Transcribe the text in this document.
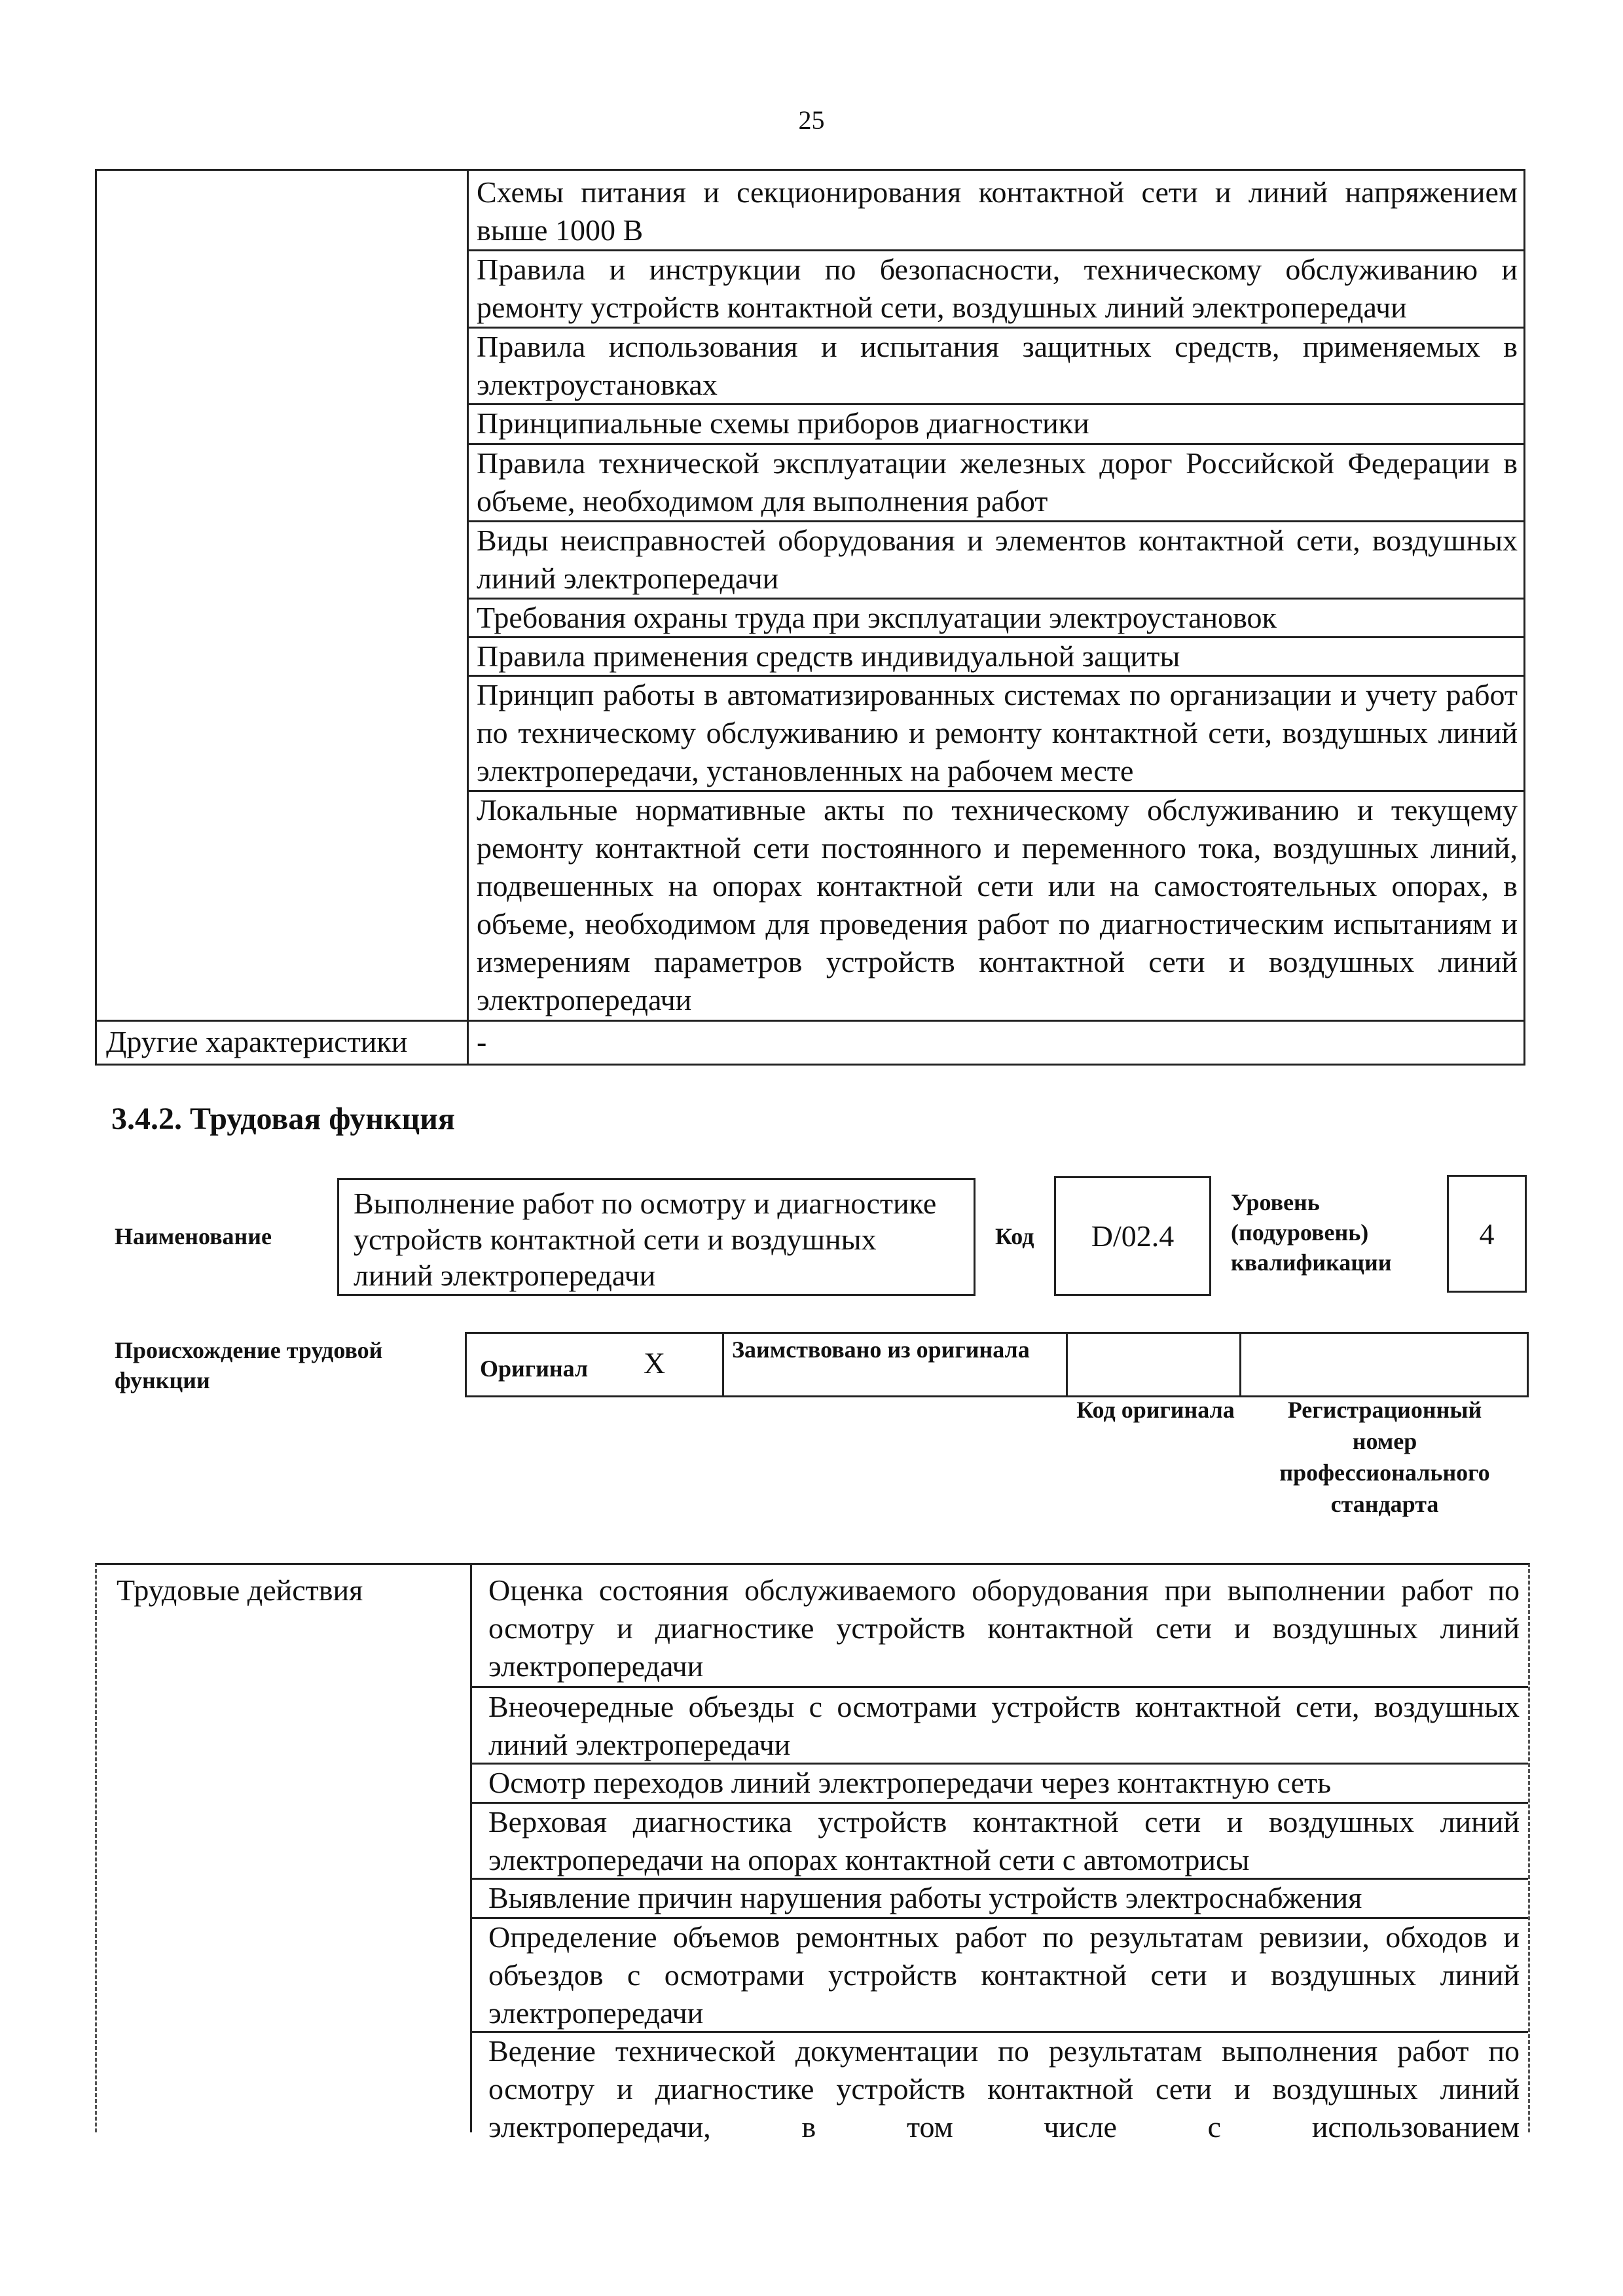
25
Схемы питания и секционирования контактной сети и линий напряжением выше 1000 В
Правила и инструкции по безопасности, техническому обслуживанию и ремонту устройств контактной сети, воздушных линий электропередачи
Правила использования и испытания защитных средств, применяемых в электроустановках
Принципиальные схемы приборов диагностики
Правила технической эксплуатации железных дорог Российской Федерации в объеме, необходимом для выполнения работ
Виды неисправностей оборудования и элементов контактной сети, воздушных линий электропередачи
Требования охраны труда при эксплуатации электроустановок
Правила применения средств индивидуальной защиты
Принцип работы в автоматизированных системах по организации и учету работ по техническому обслуживанию и ремонту контактной сети, воздушных линий электропередачи, установленных на рабочем месте
Локальные нормативные акты по техническому обслуживанию и текущему ремонту контактной сети постоянного и переменного тока, воздушных линий, подвешенных на опорах контактной сети или на самостоятельных опорах, в объеме, необходимом для проведения работ по диагностическим испытаниям и измерениям параметров устройств контактной сети и воздушных линий электропередачи
Другие характеристики -
3.4.2. Трудовая функция
Наименование
Выполнение работ по осмотру и диагностике устройств контактной сети и воздушных линий электропередачи
Код	D/02.4
Уровень (подуровень) квалификации
4
Происхождение трудовой функции	Оригинал X	Заимствовано из оригинала
Код оригинала	Регистрационный номер профессионального стандарта
Трудовые действия	Оценка состояния обслуживаемого оборудования при выполнении работ по осмотру и диагностике устройств контактной сети и воздушных линий электропередачи
Внеочередные объезды с осмотрами устройств контактной сети, воздушных линий электропередачи
Осмотр переходов линий электропередачи через контактную сеть
Верховая диагностика устройств контактной сети и воздушных линий электропередачи на опорах контактной сети с автомотрисы
Выявление причин нарушения работы устройств электроснабжения
Определение объемов ремонтных работ по результатам ревизии, обходов и объездов с осмотрами устройств контактной сети и воздушных линий электропередачи
Ведение технической документации по результатам выполнения работ по осмотру и диагностике устройств контактной сети и воздушных линий электропередачи, в том числе с использованием
